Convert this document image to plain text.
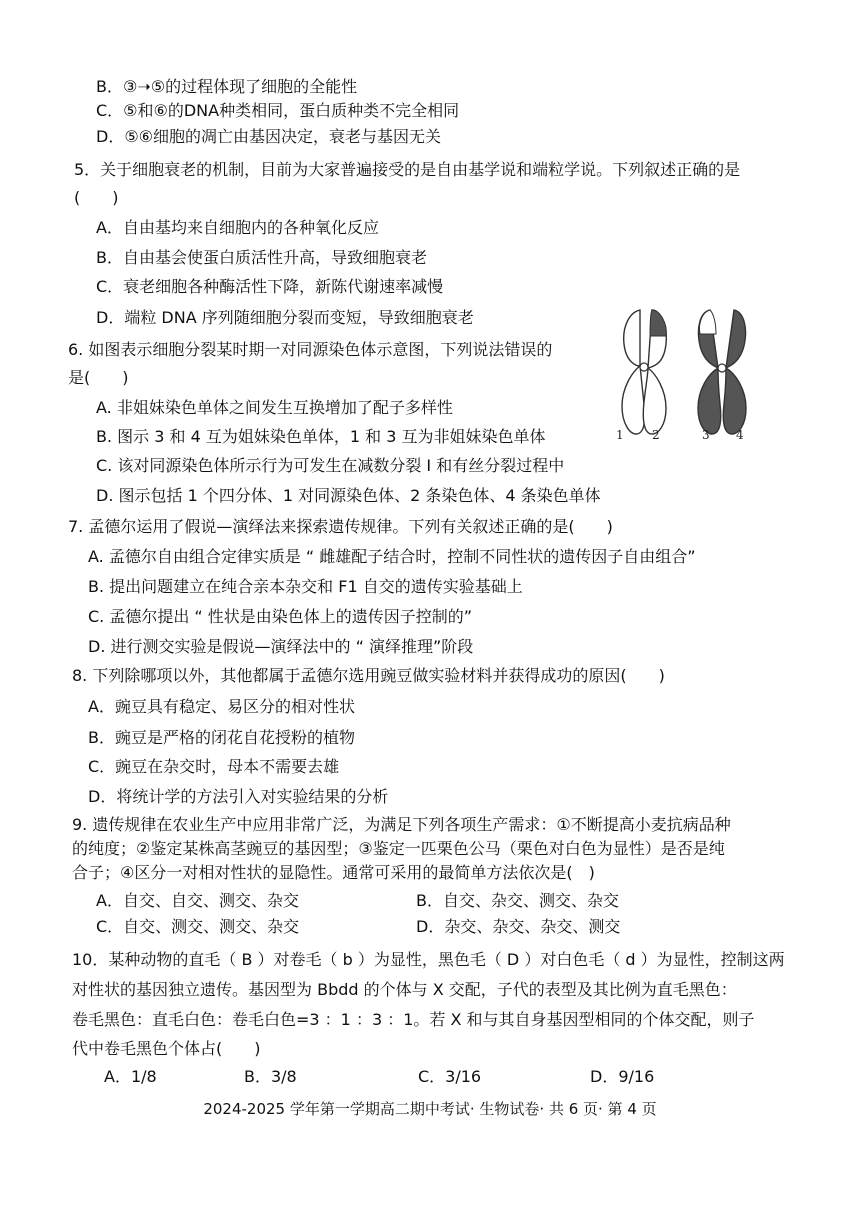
B．③➝⑤的过程体现了细胞的全能性
C．⑤和⑥的DNA种类相同，蛋白质种类不完全相同
D．⑤⑥细胞的凋亡由基因决定，衰老与基因无关
5．关于细胞衰老的机制，目前为大家普遍接受的是自由基学说和端粒学说。下列叙述正确的是
(　　)
A．自由基均来自细胞内的各种氧化反应
B．自由基会使蛋白质活性升高，导致细胞衰老
C．衰老细胞各种酶活性下降，新陈代谢速率减慢
D．端粒 DNA 序列随细胞分裂而变短，导致细胞衰老
6. 如图表示细胞分裂某时期一对同源染色体示意图，下列说法错误的
是(　　)
A. 非姐妹染色单体之间发生互换增加了配子多样性
B. 图示 3 和 4 互为姐妹染色单体，1 和 3 互为非姐妹染色单体
C. 该对同源染色体所示行为可发生在减数分裂 Ⅰ 和有丝分裂过程中
D. 图示包括 1 个四分体、1 对同源染色体、2 条染色体、4 条染色单体
1 2	3 4
7. 孟德尔运用了假说—演绎法来探索遗传规律。下列有关叙述正确的是(　　)
A. 孟德尔自由组合定律实质是 “ 雌雄配子结合时，控制不同性状的遗传因子自由组合”
B. 提出问题建立在纯合亲本杂交和 F1 自交的遗传实验基础上
C. 孟德尔提出 “ 性状是由染色体上的遗传因子控制的”
D. 进行测交实验是假说—演绎法中的 “ 演绎推理”阶段
8. 下列除哪项以外，其他都属于孟德尔选用豌豆做实验材料并获得成功的原因(　　)
A．豌豆具有稳定、易区分的相对性状
B．豌豆是严格的闭花自花授粉的植物
C．豌豆在杂交时，母本不需要去雄
D．将统计学的方法引入对实验结果的分析
9. 遗传规律在农业生产中应用非常广泛，为满足下列各项生产需求：①不断提高小麦抗病品种
的纯度；②鉴定某株高茎豌豆的基因型；③鉴定一匹栗色公马（栗色对白色为显性）是否是纯
合子；④区分一对相对性状的显隐性。通常可采用的最简单方法依次是(　)
A．自交、自交、测交、杂交	B．自交、杂交、测交、杂交
C．自交、测交、测交、杂交	D．杂交、杂交、杂交、测交
10．某种动物的直毛（ B ）对卷毛（ b ）为显性，黑色毛（ D ）对白色毛（ d ）为显性，控制这两
对性状的基因独立遗传。基因型为 Bbdd 的个体与 X 交配，子代的表型及其比例为直毛黑色：
卷毛黑色：直毛白色：卷毛白色=3 ：1 ：3 ：1。若 X 和与其自身基因型相同的个体交配，则子
代中卷毛黑色个体占(　　)
A．1/8	B．3/8	C．3/16	D．9/16
2024-2025 学年第一学期高二期中考试· 生物试卷· 共 6 页· 第 4 页
